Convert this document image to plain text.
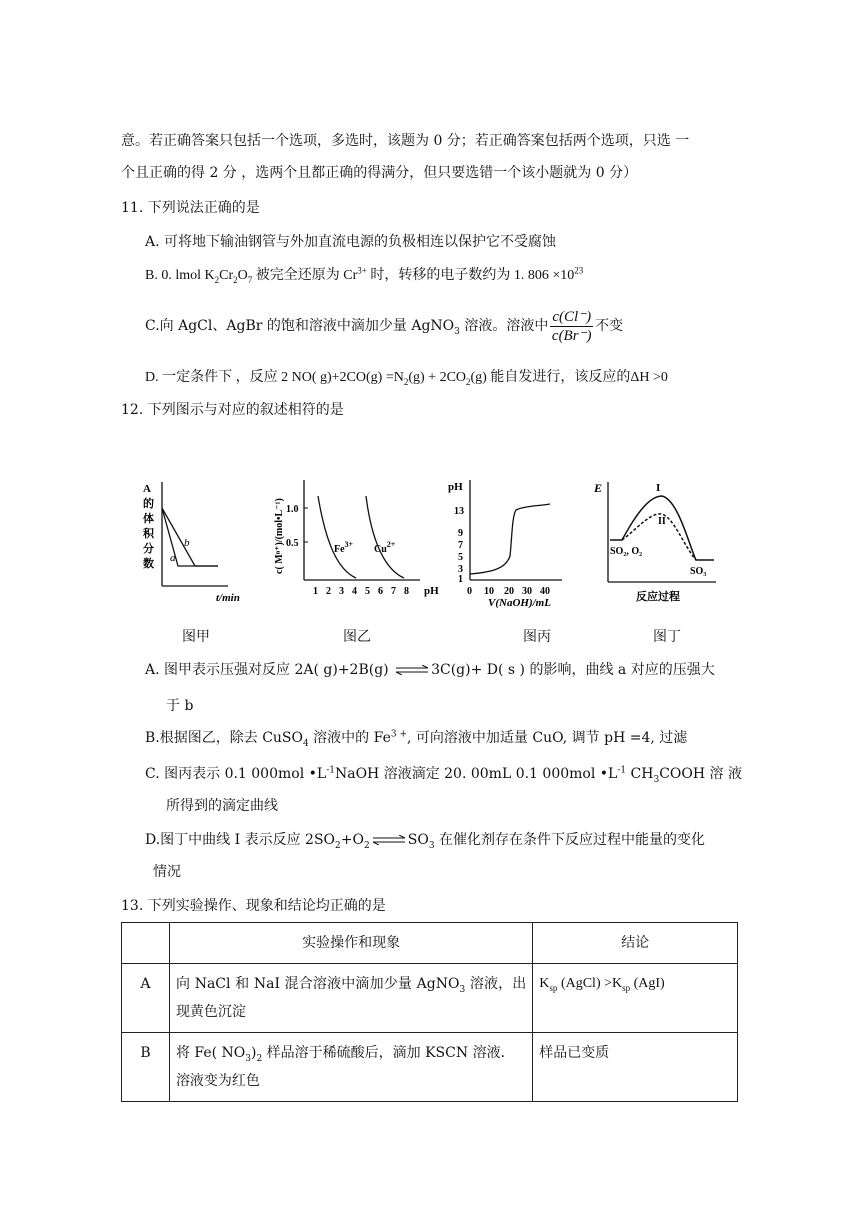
意。若正确答案只包括一个选项，多选时，该题为 0 分；若正确答案包括两个选项，只选 一
个且正确的得 2 分 ，选两个且都正确的得满分，但只要选错一个该小题就为 0 分）
11. 下列说法正确的是
A. 可将地下输油钢管与外加直流电源的负极相连以保护它不受腐蚀
B. 0. lmol $K_2Cr_2O_7$ 被完全还原为 $Cr^{3+}$ 时，转移的电子数约为 1. $806 \times 10^{23}$
C.向 AgCl、AgBr 的饱和溶液中滴加少量 AgNO$_3$ 溶液。溶液中 $\frac{c(Cl^-)}{c(Br^-)}$ 不变
D. 一定条件下 ，反应 2 NO( $g)+2CO(g) =N_2(g) + 2CO_2(g)$ 能自发进行，该反应的ΔH >0
12. 下列图示与对应的叙述相符的是
A
的
体
积
分
数 a
b
t/min
c( Mⁿ⁺)/(mol•L⁻¹) 1.0
0.5
1 2 3 4 5 6 7 8 pH
$Fe^{3+}$ $Cu^{2+}$
pH
13
9
7
5
3
1
0 10 20 30 40
V(NaOH)/mL
E	I
II
SO₂, O₂
SO₃
反应过程
图甲	图乙	图丙	图丁
A. 图甲表示压强对反应 2A( g)+2B(g) ⇌ 3C(g)+ D( s ) 的影响，曲线 a 对应的压强大
于 b
B.根据图乙，除去 CuSO$_4$ 溶液中的 $Fe^{3 +}$, 可向溶液中加适量 CuO, 调节 pH =4, 过滤
C. 图丙表示 0.1 000mol $•L^{-1}NaOH$ 溶液滴定 20. 00mL 0.1 000mol $•L^{-1}$ $CH_3COOH$ 溶 液
所得到的滴定曲线
D.图丁中曲线 I 表示反应 $2SO_2+O_2$ ⇌ $SO_3$ 在催化剂存在条件下反应过程中能量的变化
情况
13. 下列实验操作、现象和结论均正确的是
	实验操作和现象	结论
A	向 NaCl 和 NaI 混合溶液中滴加少量 AgNO$_3$ 溶液，出现黄色沉淀	$K_{sp}$ (AgCl) $>K_{sp}$ (AgI)
B	将 Fe( $NO_3)_2$ 样品溶于稀硫酸后，滴加 KSCN 溶液．溶液变为红色	样品已变质
